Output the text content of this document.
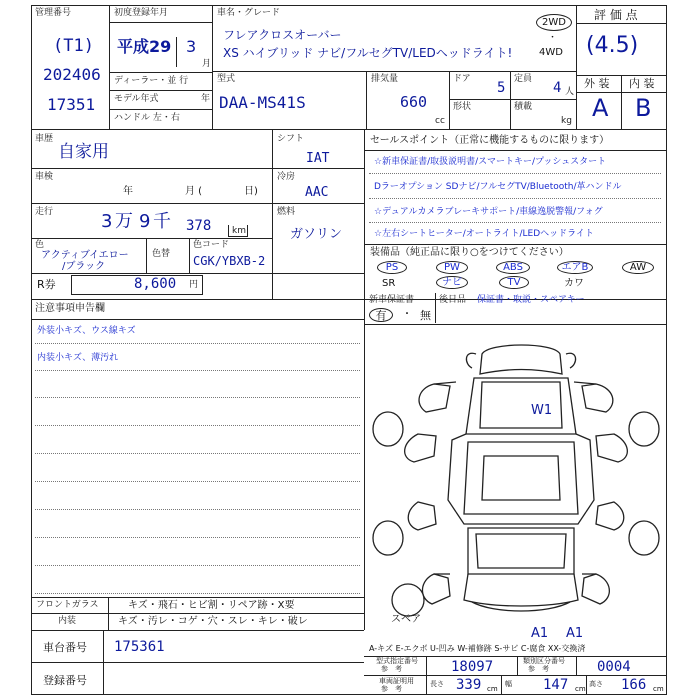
管理番号
(T1)
202406
17351
初度登録年月
平成29 3
月
ディーラー・並 行
モデル年式	年
ハンドル 左・右
車名・グレード
フレアクロスオーバー
XS ハイブリッド ナビ/フルセグTV/LEDヘッドライト!
2WD
・
4WD
型式
DAA-MS41S
排気量
660
cc
ドア
5
形状
定員
4 人
積載
kg
評 価 点
(4.5)
外 装 内 装
A B
車歴
自家用
車検
年	月 (	日)
走行	3 万 9 千 378 km
色
アクティブイエロー
/ブラック
色替
色コード
CGK/YBXB-2
R券	8,600 円
シフト
IAT
冷房
AAC
燃料
ガソリン
セールスポイント（正常に機能するものに限ります）
☆新車保証書/取扱説明書/スマートキー/プッシュスタート
Dラーオプション SDナビ/フルセグTV/Bluetooth/革ハンドル
☆デュアルカメラブレーキサポート/車線逸脱警報/フォグ
☆左右シートヒーター/オートライト/LEDヘッドライト
装備品（純正品に限り○をつけてください）
PS	PW	ABS	エアB	AW
SR	ナビ	TV	カワ
新車保証書
有	・ 無
後日品 保証書・取説・スペアキー
注意事項申告欄
外装小キズ、ウス線キズ
内装小キズ、薄汚れ
W1
A1 A1
スペア
フロントガラス	キズ・飛石・ヒビ割・リペア跡・X要
内装	キズ・汚レ・コゲ・穴・スレ・キレ・破レ
車台番号 175361
登録番号
A-キズ E-エクボ U-凹み W-補修跡 S-サビ C-腐食 XX-交換済
型式指定番号
参　考	18097	類別区分番号
参　考	0004
車両証明用
参　考
長さ 339 cm
幅 147 cm
高さ 166 cm
